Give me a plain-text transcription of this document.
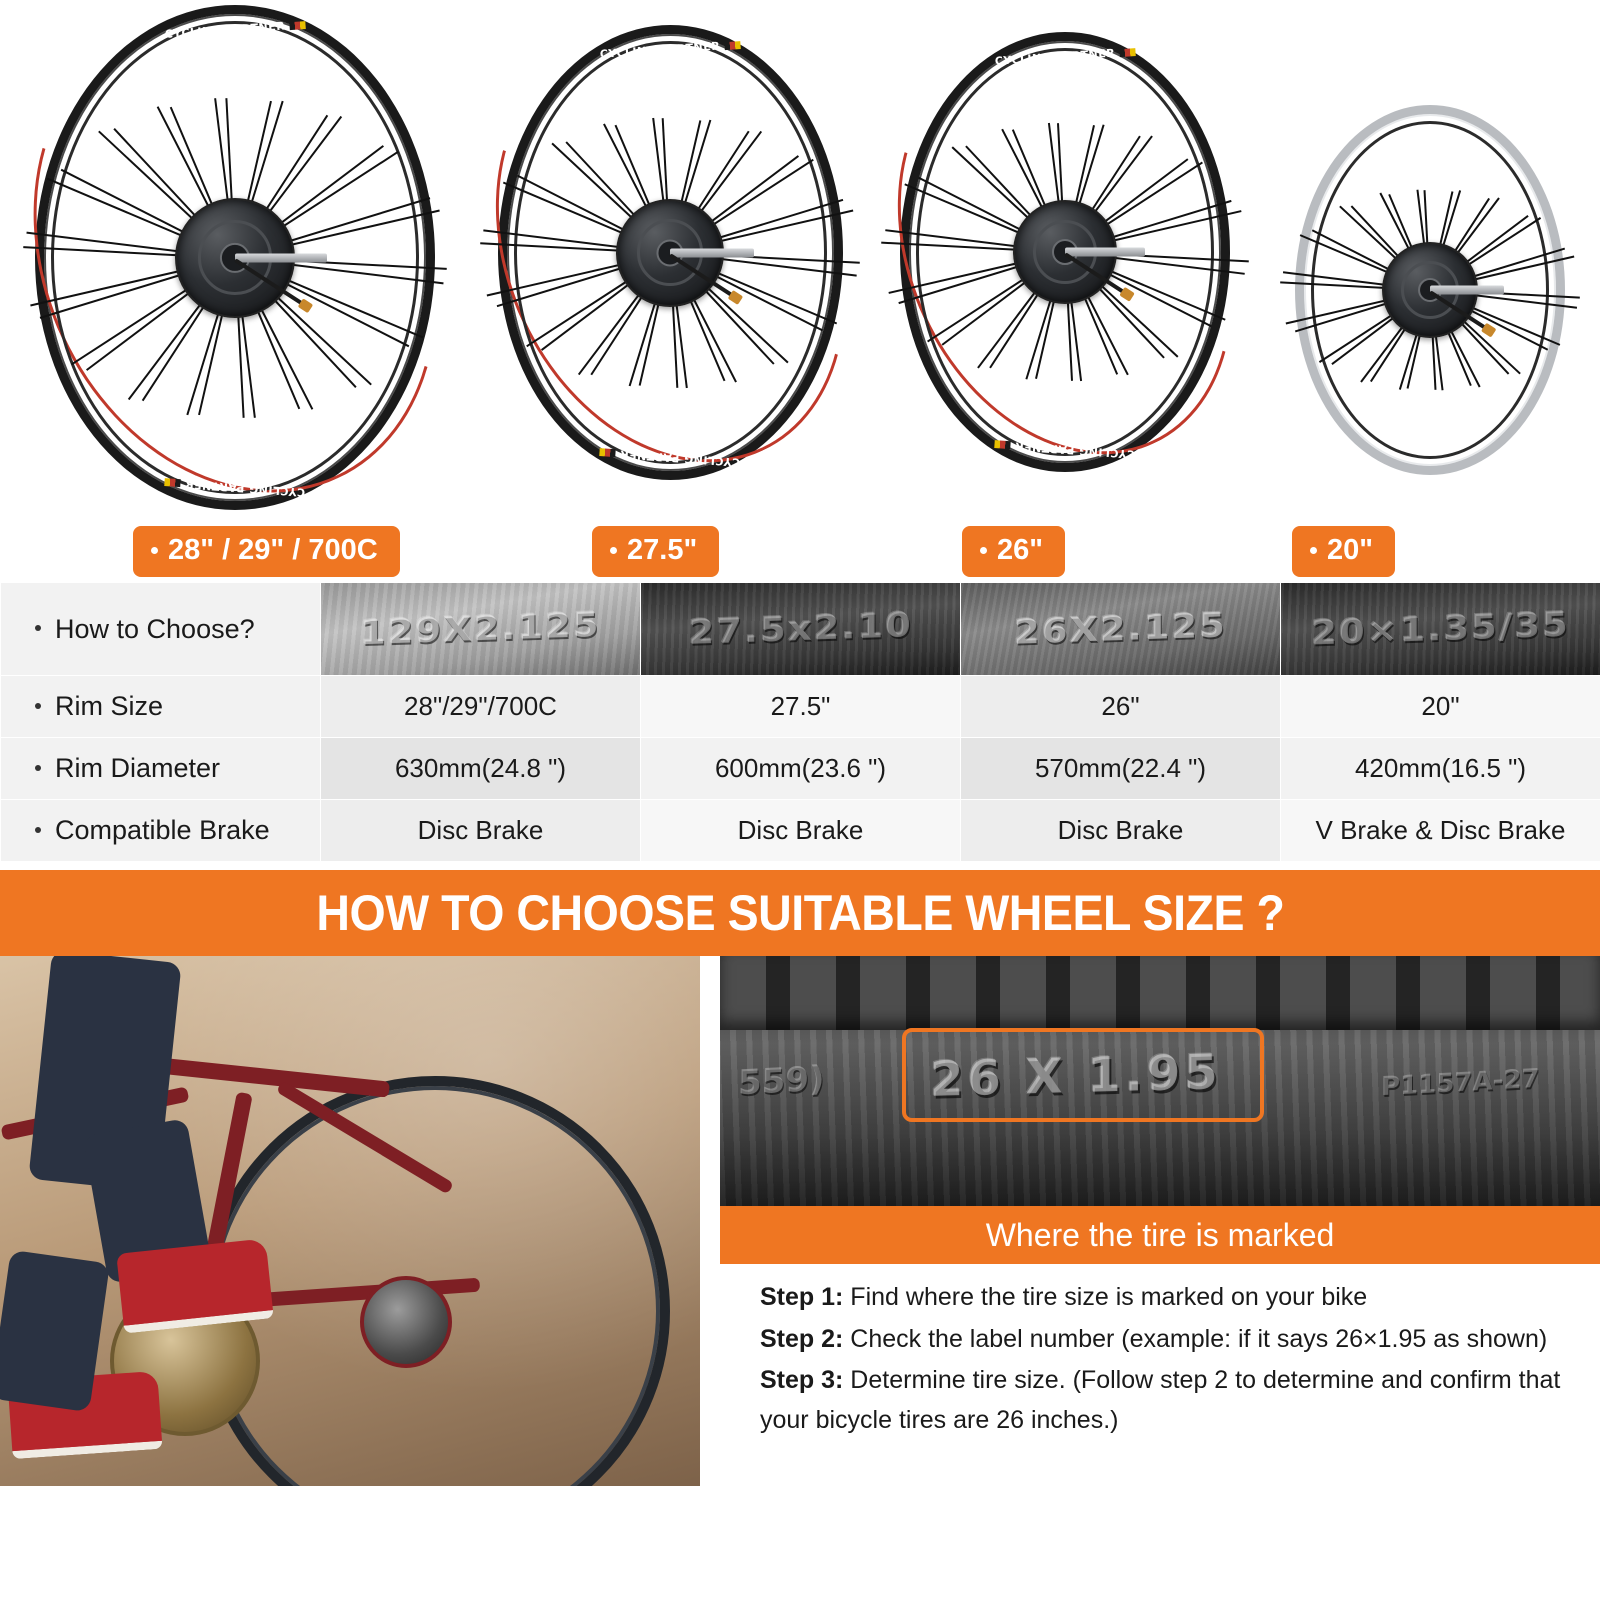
CYCLING PARTNER
CYCLING PARTNER
CYCLING PARTNER
CYCLING PARTNER
CYCLING PARTNER
CYCLING PARTNER
28" / 29" / 700C	27.5"	26"	20"
How to Choose?	129X2.125	27.5x2.10	26X2.125	20×1.35/35

Rim Size	28"/29"/700C	27.5"	26"	20"
Rim Diameter	630mm(24.8 ")	600mm(23.6 ")	570mm(22.4 ")	420mm(16.5 ")
Compatible Brake	Disc Brake	Disc Brake	Disc Brake	V Brake & Disc Brake
HOW TO CHOOSE SUITABLE WHEEL SIZE ?
559) 26 X 1.95	P1157A-27
Where the tire is marked
Step 1: Find where the tire size is marked on your bike
Step 2: Check the label number (example: if it says 26×1.95 as shown)
Step 3: Determine tire size. (Follow step 2 to determine and confirm that your bicycle tires are 26 inches.)
